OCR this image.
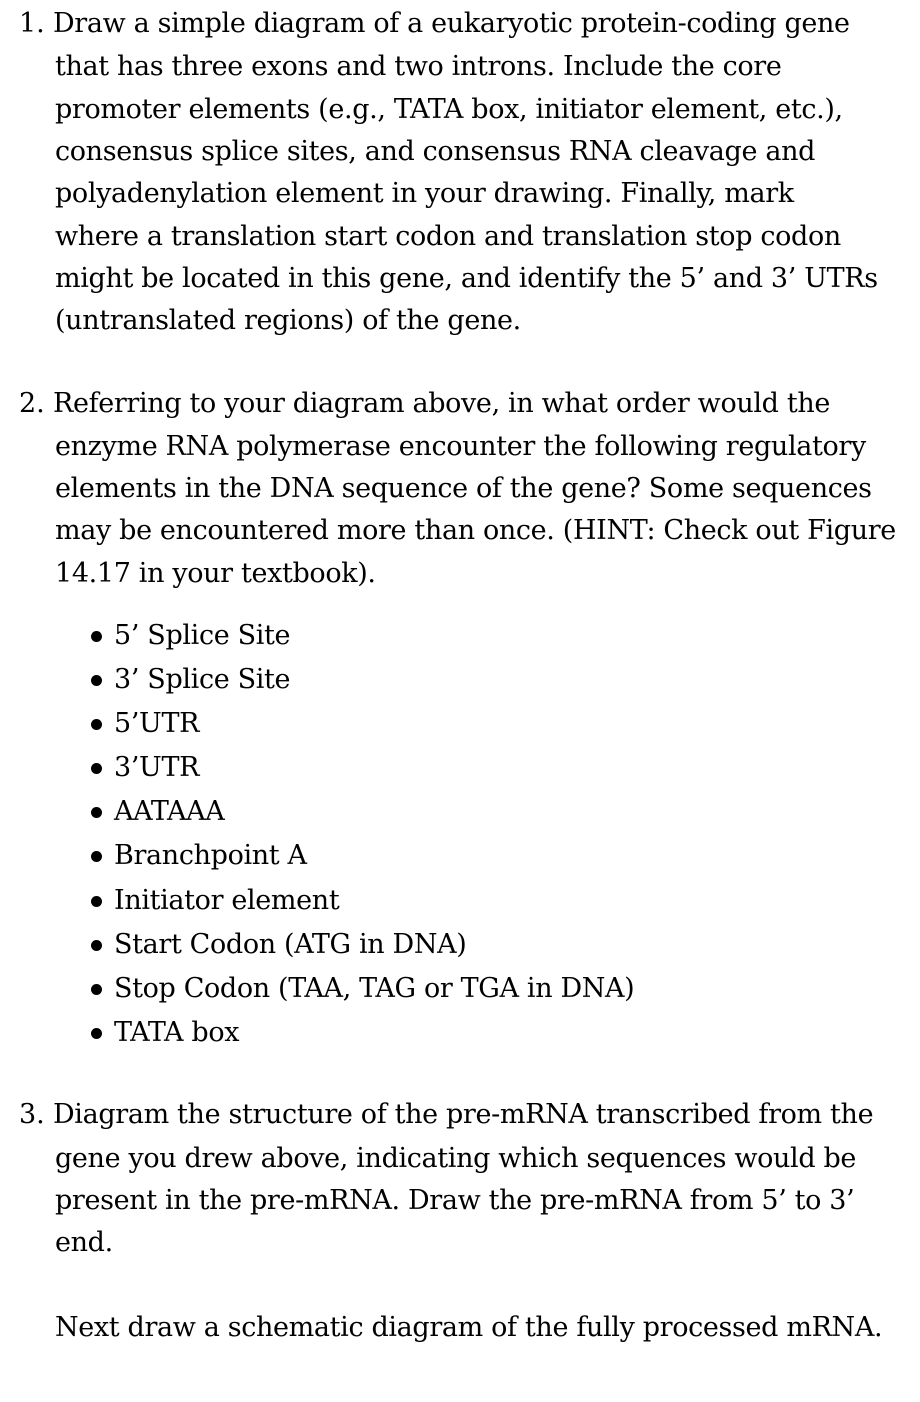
1. Draw a simple diagram of a eukaryotic protein-coding gene
that has three exons and two introns. Include the core
promoter elements (e.g., TATA box, initiator element, etc.),
consensus splice sites, and consensus RNA cleavage and
polyadenylation element in your drawing. Finally, mark
where a translation start codon and translation stop codon
might be located in this gene, and identify the 5’ and 3’ UTRs
(untranslated regions) of the gene.
2. Referring to your diagram above, in what order would the
enzyme RNA polymerase encounter the following regulatory
elements in the DNA sequence of the gene? Some sequences
may be encountered more than once. (HINT: Check out Figure
14.17 in your textbook).
5’ Splice Site
3’ Splice Site
5’UTR
3’UTR
AATAAA
Branchpoint A
Initiator element
Start Codon (ATG in DNA)
Stop Codon (TAA, TAG or TGA in DNA)
TATA box
3. Diagram the structure of the pre-mRNA transcribed from the
gene you drew above, indicating which sequences would be
present in the pre-mRNA. Draw the pre-mRNA from 5’ to 3’
end.
Next draw a schematic diagram of the fully processed mRNA.
